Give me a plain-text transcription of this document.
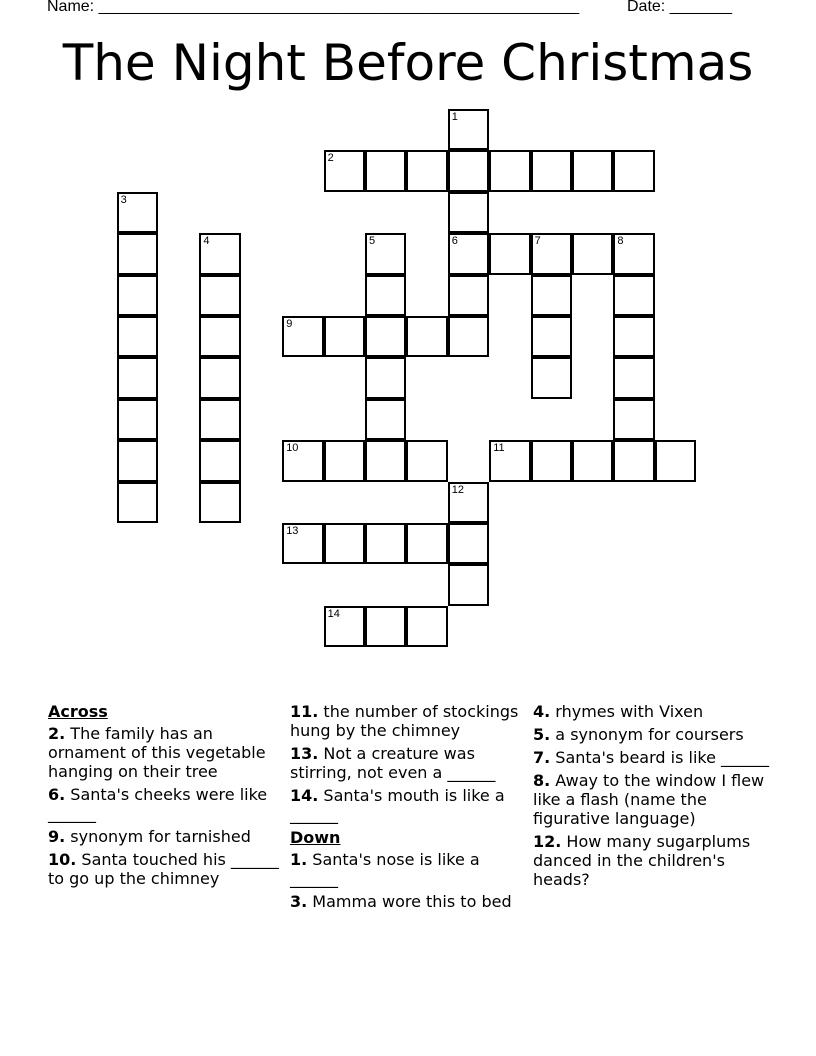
Name: ______________________________________________________	Date: _______
The Night Before Christmas
1
6
2
3
4	5	7	8
9
10	11
12
13
14
Across
2. The family has an ornament of this vegetable hanging on their tree
6. Santa's cheeks were like ______
9. synonym for tarnished
10. Santa touched his ______ to go up the chimney
11. the number of stockings hung by the chimney
13. Not a creature was stirring, not even a ______
14. Santa's mouth is like a ______
Down
1. Santa's nose is like a ______
3. Mamma wore this to bed
4. rhymes with Vixen
5. a synonym for coursers
7. Santa's beard is like ______
8. Away to the window I flew like a flash (name the figurative language)
12. How many sugarplums danced in the children's heads?
